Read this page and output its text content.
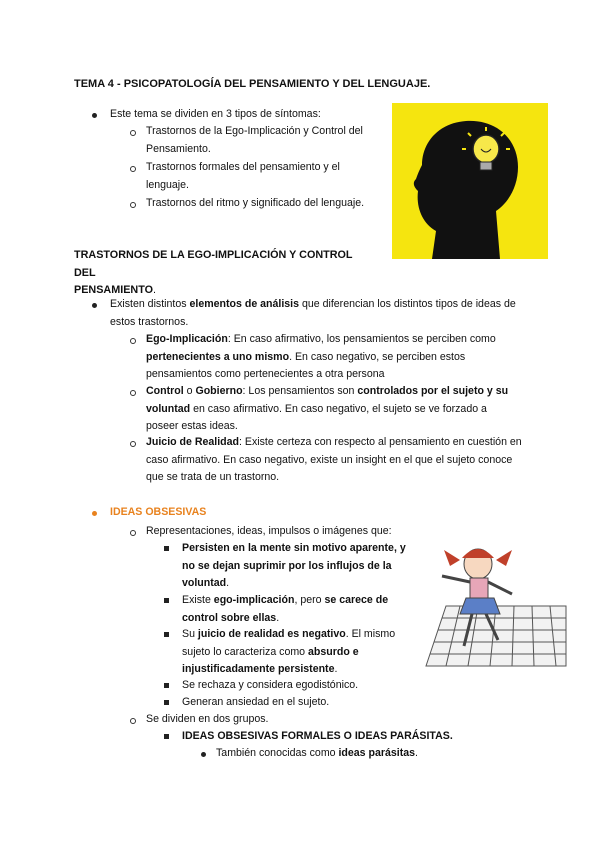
TEMA 4 - PSICOPATOLOGÍA DEL PENSAMIENTO Y DEL LENGUAJE.
Este tema se dividen en 3 tipos de síntomas:
Trastornos de la Ego-Implicación y Control del
Pensamiento.
Trastornos formales del pensamiento y el
lenguaje.
Trastornos del ritmo y significado del lenguaje.
TRASTORNOS DE LA EGO-IMPLICACIÓN Y CONTROL DEL
PENSAMIENTO.
Existen distintos elementos de análisis que diferencian los distintos tipos de ideas de
estos trastornos.
Ego-Implicación: En caso afirmativo, los pensamientos se perciben como
pertenecientes a uno mismo. En caso negativo, se perciben estos
pensamientos como pertenecientes a otra persona
Control o Gobierno: Los pensamientos son controlados por el sujeto y su
voluntad en caso afirmativo. En caso negativo, el sujeto se ve forzado a
poseer estas ideas.
Juicio de Realidad: Existe certeza con respecto al pensamiento en cuestión en
caso afirmativo. En caso negativo, existe un insight en el que el sujeto conoce
que se trata de un trastorno.
IDEAS OBSESIVAS
Representaciones, ideas, impulsos o imágenes que:
Persisten en la mente sin motivo aparente, y
no se dejan suprimir por los influjos de la
voluntad.
Existe ego-implicación, pero se carece de
control sobre ellas.
Su juicio de realidad es negativo. El mismo
sujeto lo caracteriza como absurdo e
injustificadamente persistente.
Se rechaza y considera egodistónico.
Generan ansiedad en el sujeto.
Se dividen en dos grupos.
IDEAS OBSESIVAS FORMALES O IDEAS PARÁSITAS.
También conocidas como ideas parásitas.
